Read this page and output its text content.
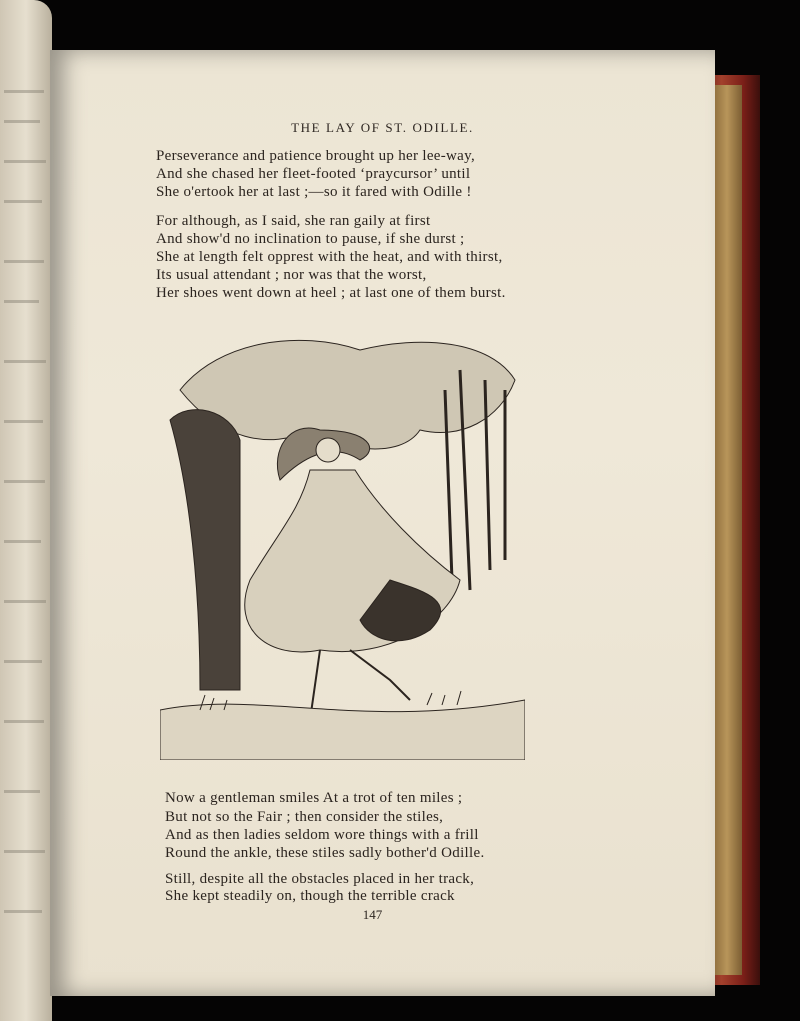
THE LAY OF ST. ODILLE.
Perseverance and patience brought up her lee-way,
And she chased her fleet-footed ‘praycursor’ until
She o'ertook her at last ;—so it fared with Odille !
For although, as I said, she ran gaily at first
And show'd no inclination to pause, if she durst ;
She at length felt opprest with the heat, and with thirst,
Its usual attendant ; nor was that the worst,
Her shoes went down at heel ; at last one of them burst.
Now a gentleman smiles At a trot of ten miles ;
But not so the Fair ; then consider the stiles,
And as then ladies seldom wore things with a frill
Round the ankle, these stiles sadly bother'd Odille.
Still, despite all the obstacles placed in her track,
She kept steadily on, though the terrible crack
147
